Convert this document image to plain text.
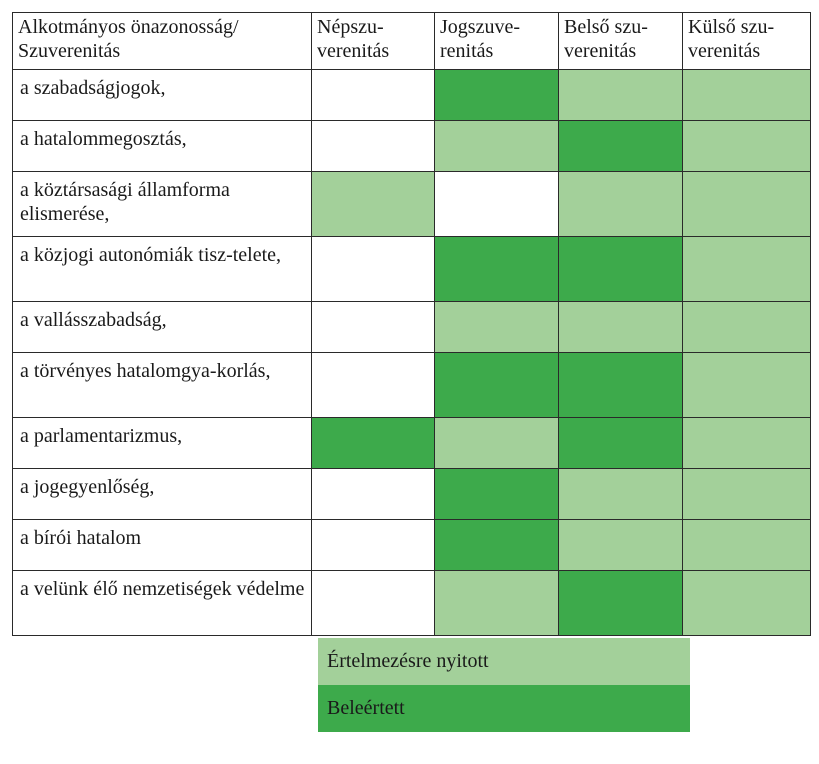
Alkotmányos önazonosság/ Szuverenitás	Népszu-verenitás	Jogszuve-renitás	Belső szu-verenitás	Külső szu-verenitás
a szabadságjogok,				
a hatalommegosztás,				
a köztársasági államforma elismerése,				
a közjogi autonómiák tisz-telete,				
a vallásszabadság,				
a törvényes hatalomgya-korlás,				
a parlamentarizmus,				
a jogegyenlőség,				
a bírói hatalom				
a velünk élő nemzetiségek védelme				
Értelmezésre nyitott
Beleértett
